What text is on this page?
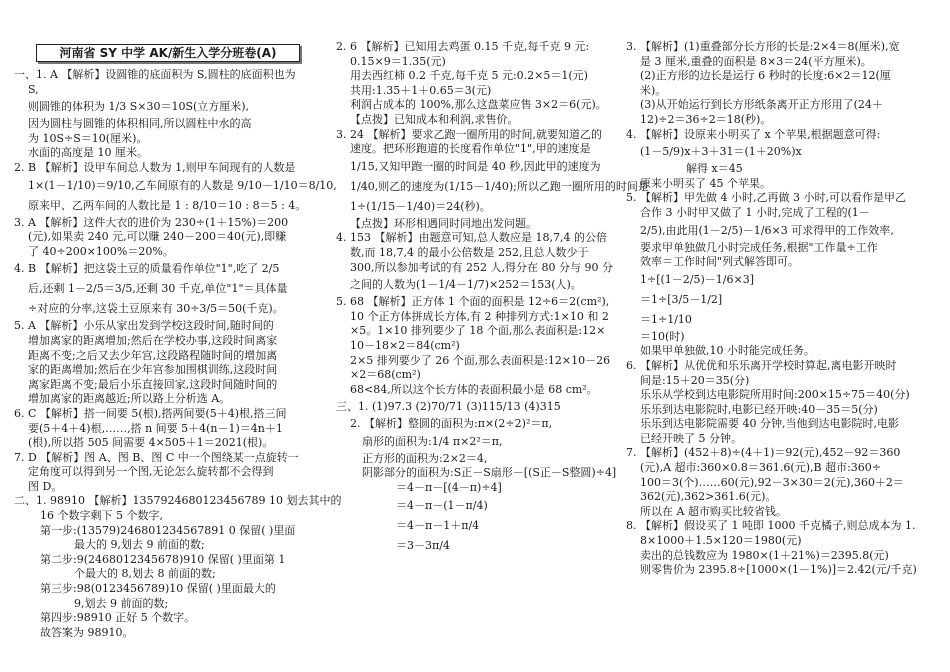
河南省 SY 中学 AK/新生入学分班卷(A)
一、1. A 【解析】设圆锥的底面积为 S,圆柱的底面积也为
S,
则圆锥的体积为 1/3 S×30＝10S(立方厘米),
因为圆柱与圆锥的体积相同,所以圆柱中水的高
为 10S÷S＝10(厘米)。
水面的高度是 10 厘米。
2. B 【解析】设甲车间总人数为 1,则甲车间现有的人数是
1×(1－1/10)＝9/10,乙车间原有的人数是 9/10－1/10＝8/10,
原来甲、乙两车间的人数比是 1 : 8/10＝10 : 8＝5 : 4。
3. A 【解析】这件大衣的进价为 230÷(1＋15%)＝200
(元),如果卖 240 元,可以赚 240－200＝40(元),即赚
了 40÷200×100%＝20%。
4. B 【解析】把这袋土豆的质量看作单位"1",吃了 2/5
后,还剩 1－2/5＝3/5,还剩 30 千克,单位"1"＝具体量
÷对应的分率,这袋土豆原来有 30÷3/5＝50(千克)。
5. A 【解析】小乐从家出发到学校这段时间,随时间的
增加离家的距离增加;然后在学校办事,这段时间离家
距离不变;之后又去少年宫,这段路程随时间的增加离
家的距离增加;然后在少年宫参加围棋训练,这段时间
离家距离不变;最后小乐直接回家,这段时间随时间的
增加离家的距离越近;所以路上分析选 A。
6. C 【解析】搭一间要 5(根),搭两间要(5＋4)根,搭三间
要(5＋4＋4)根,……,搭 n 间要 5＋4(n－1)＝4n＋1
(根),所以搭 505 间需要 4×505＋1＝2021(根)。
7. D 【解析】图 A、图 B、图 C 中一个图绕某一点旋转一
定角度可以得到另一个图,无论怎么旋转都不会得到
图 D。
二、1. 98910 【解析】1357924680123456789 10 划去其中的
16 个数字剩下 5 个数字,
第一步:(13579)246801234567891 0 保留( )里面
最大的 9,划去 9 前面的数;
第二步:9(2468012345678)910 保留( )里面第 1
个最大的 8,划去 8 前面的数;
第三步:98(0123456789)10 保留( )里面最大的
9,划去 9 前面的数;
第四步:98910 正好 5 个数字。
故答案为 98910。
2. 6 【解析】已知用去鸡蛋 0.15 千克,每千克 9 元:
0.15×9＝1.35(元)
用去西红柿 0.2 千克,每千克 5 元:0.2×5＝1(元)
共用:1.35＋1＋0.65＝3(元)
利润占成本的 100%,那么这盘菜应售 3×2＝6(元)。
【点拨】已知成本和利润,求售价。
3. 24 【解析】要求乙跑一圈所用的时间,就要知道乙的
速度。把环形跑道的长度看作单位"1",甲的速度是
1/15,又知甲跑一圈的时间是 40 秒,因此甲的速度为
1/40,则乙的速度为(1/15－1/40);所以乙跑一圈所用的时间是
1÷(1/15－1/40)＝24(秒)。
【点拨】环形相遇同时同地出发问题。
4. 153 【解析】由题意可知,总人数应是 18,7,4 的公倍
数,而 18,7,4 的最小公倍数是 252,且总人数少于
300,所以参加考试的有 252 人,得分在 80 分与 90 分
之间的人数为(1－1/4－1/7)×252＝153(人)。
5. 68 【解析】正方体 1 个面的面积是 12÷6＝2(cm²),
10 个正方体拼成长方体,有 2 种排列方式:1×10 和 2
×5。1×10 排列要少了 18 个面,那么表面积是:12×
10－18×2＝84(cm²)
2×5 排列要少了 26 个面,那么表面积是:12×10－26
×2＝68(cm²)
68<84,所以这个长方体的表面积最小是 68 cm²。
三、1. (1)97.3 (2)70/71 (3)115/13 (4)315
2. 【解析】整圆的面积为:π×(2÷2)²＝π,
扇形的面积为:1/4 π×2²＝π,
正方形的面积为:2×2＝4,
阴影部分的面积为:S正－S扇形－[(S正－S整圆)÷4]
＝4－π－[(4－π)÷4]
＝4－π－(1－π/4)
＝4－π－1＋π/4
＝3－3π/4
3. 【解析】(1)重叠部分长方形的长是:2×4＝8(厘米),宽
是 3 厘米,重叠的面积是 8×3＝24(平方厘米)。
(2)正方形的边长是运行 6 秒时的长度:6×2＝12(厘
米)。
(3)从开始运行到长方形纸条离开正方形用了(24＋
12)÷2＝36÷2＝18(秒)。
4. 【解析】设原来小明买了 x 个苹果,根据题意可得:
(1－5/9)x＋3＋31＝(1＋20%)x
解得 x＝45
原来小明买了 45 个苹果。
5. 【解析】甲先做 4 小时,乙再做 3 小时,可以看作是甲乙
合作 3 小时甲又做了 1 小时,完成了工程的(1－
2/5),由此用(1－2/5)－1/6×3 可求得甲的工作效率,
要求甲单独做几小时完成任务,根据"工作量÷工作
效率＝工作时间"列式解答即可。
1÷[(1－2/5)－1/6×3]
＝1÷[3/5－1/2]
＝1÷1/10
＝10(时)
如果甲单独做,10 小时能完成任务。
6. 【解析】从优优和乐乐离开学校时算起,离电影开映时
间是:15＋20＝35(分)
乐乐从学校到达电影院所用时间:200×15÷75＝40(分)
乐乐到达电影院时,电影已经开映:40－35＝5(分)
乐乐到达电影院需要 40 分钟,当他到达电影院时,电影
已经开映了 5 分钟。
7. 【解析】(452＋8)÷(4＋1)＝92(元),452－92＝360
(元),A 超市:360×0.8＝361.6(元),B 超市:360÷
100＝3(个)……60(元),92－3×30＝2(元),360＋2＝
362(元),362>361.6(元)。
所以在 A 超市购买比较省钱。
8. 【解析】假设买了 1 吨即 1000 千克橘子,则总成本为 1.
8×1000＋1.5×120＝1980(元)
卖出的总钱数应为 1980×(1＋21%)＝2395.8(元)
则零售价为 2395.8÷[1000×(1－1%)]＝2.42(元/千克)
